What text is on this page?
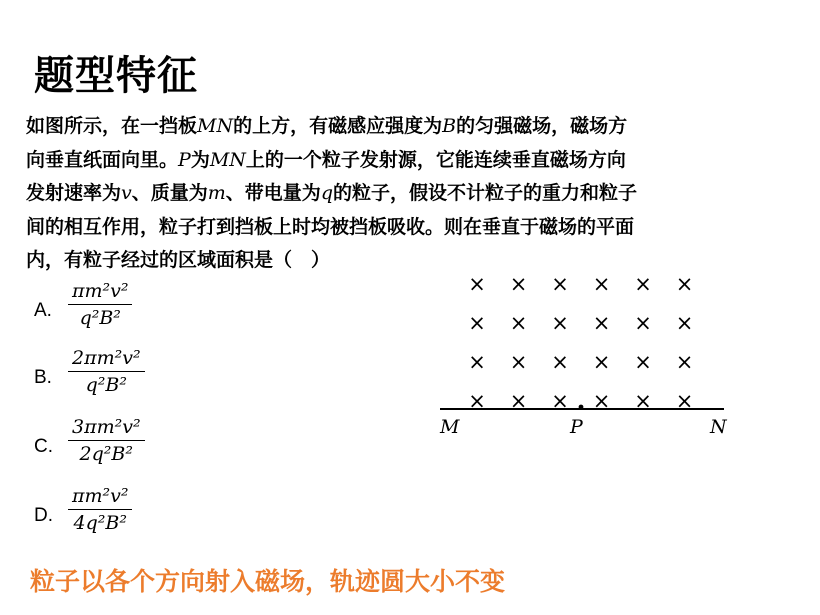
题型特征
如图所示，在一挡板MN的上方，有磁感应强度为B的匀强磁场，磁场方
向垂直纸面向里。P为MN上的一个粒子发射源，它能连续垂直磁场方向
发射速率为v、质量为m、带电量为q的粒子，假设不计粒子的重力和粒子
间的相互作用，粒子打到挡板上时均被挡板吸收。则在垂直于磁场的平面
内，有粒子经过的区域面积是（　）
A.
πm²v²
q²B²
B.
2πm²v²
q²B²
C.
3πm²v²
2q²B²
D.
πm²v²
4q²B²
× × × × × ×
× × × × × ×
× × × × × ×
× × × × × ×
M	P	N
粒子以各个方向射入磁场，轨迹圆大小不变
